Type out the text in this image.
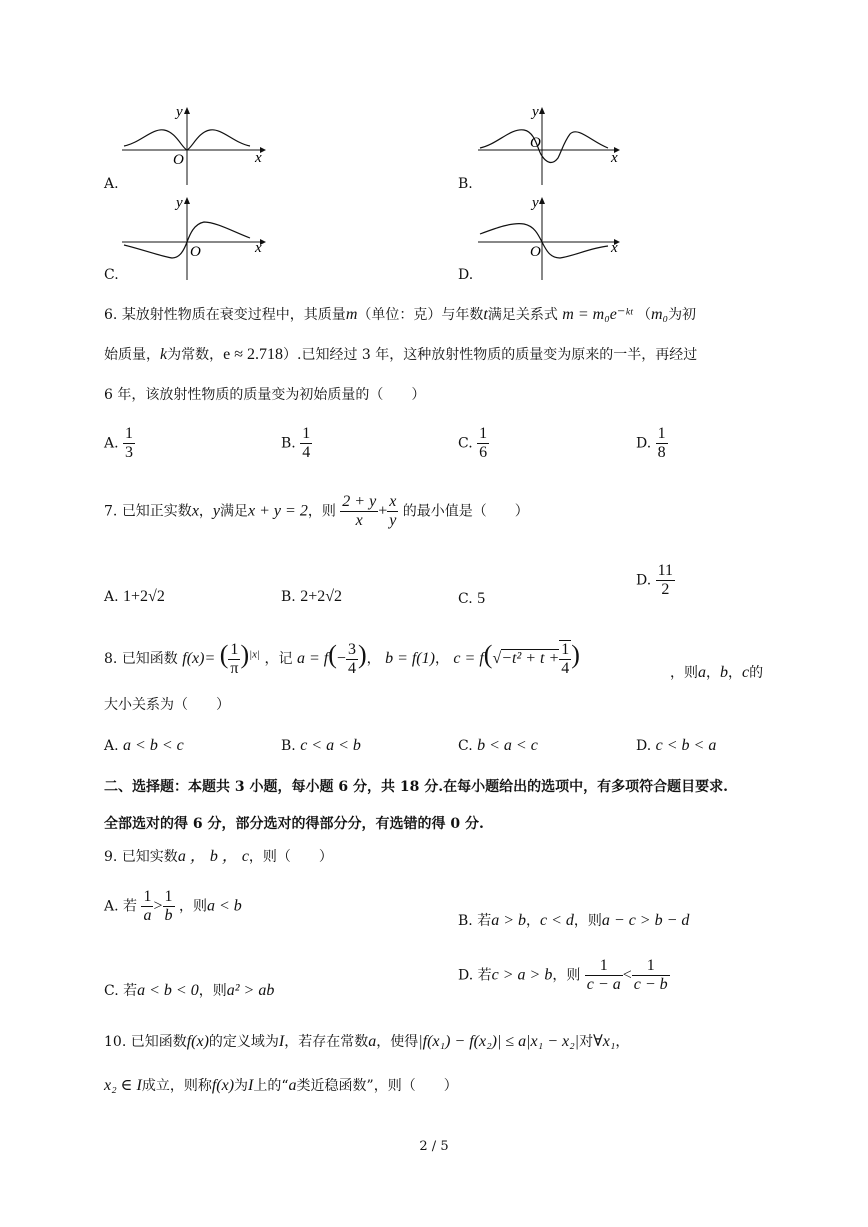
y
x
O
y
x
O
y
x
O
y
x
O
A.	B.
C.	D.
6. 某放射性物质在衰变过程中，其质量m（单位：克）与年数t满足关系式 m = m₀e⁻ᵏᵗ （m₀为初
始质量，k为常数，e ≈ 2.718）.已知经过 3 年，这种放射性物质的质量变为原来的一半，再经过
6 年，该放射性物质的质量变为初始质量的（　　）
A. $\frac{1}{3}$	B. $\frac{1}{4}$	C. $\frac{1}{6}$	D. $\frac{1}{8}$
7. 已知正实数x，y满足x + y = 2，则 $\frac{2 + y}{x} + \frac{x}{y}$ 的最小值是（　　）
A. 1+2√2	B. 2+2√2	C. 5
D. $\frac{11}{2}$
8. 已知函数 f(x)= ( $\frac{1}{\pi} )^{|x|}$ ，记 $a = f(- \frac{3}{4}$ )， b = f(1)， $c = f(√-t^2 + t + \frac{1}{4}$ )
，则a，b，c的
大小关系为（　　）
A. a < b < c	B. c < a < b	C. b < a < c	D. c < b < a
二、选择题：本题共 3 小题，每小题 6 分，共 18 分.在每小题给出的选项中，有多项符合题目要求.
全部选对的得 6 分，部分选对的得部分分，有选错的得 0 分.
9. 已知实数a ， b ， c，则（　　）
A. 若 $\frac{1}{a} > \frac{1}{b}$ ，则a < b
B. 若a > b，c < d，则a − c > b − d
C. 若a < b < 0，则a² > ab
D. 若c > a > b，则 $\frac{1}{c - a} < \frac{1}{c - b}$
10. 已知函数f(x)的定义域为I，若存在常数a，使得|f(x₁) − f(x₂)| ≤ a|x₁ − x₂|对∀x₁，
x₂ ∈ I成立，则称f(x)为I上的“a类近稳函数”，则（　　）
2 / 5
